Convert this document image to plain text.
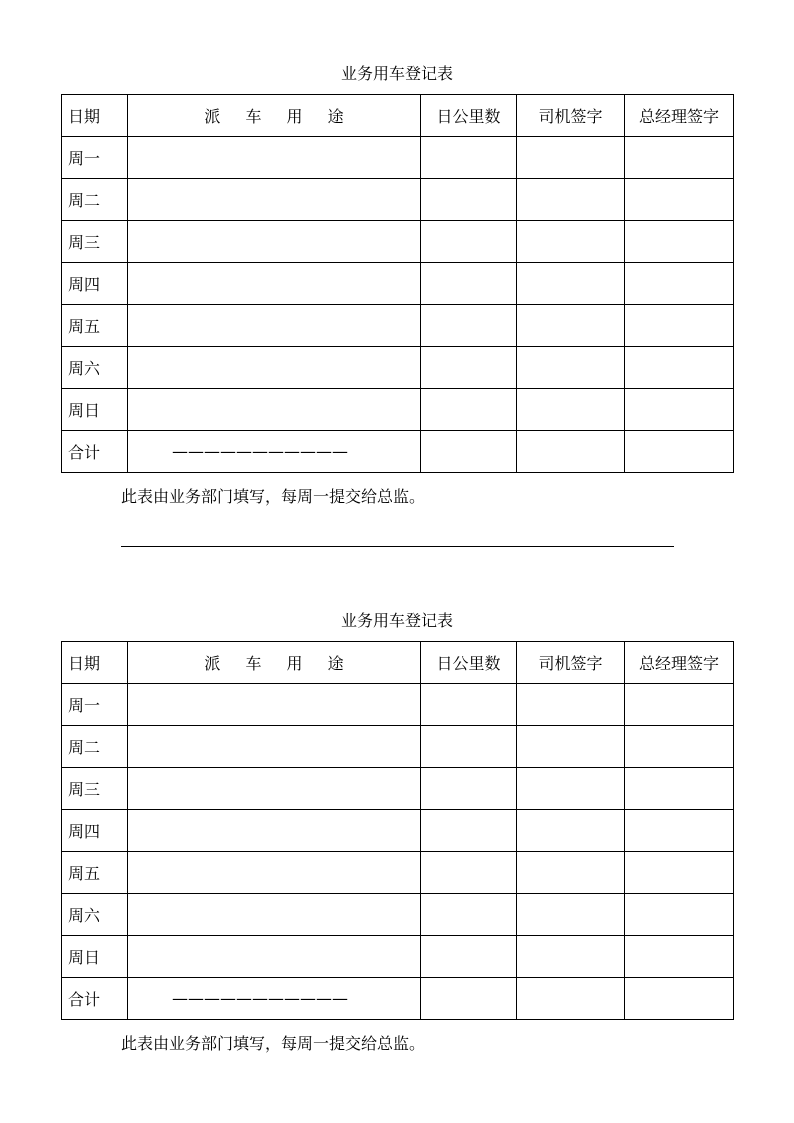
业务用车登记表
日期	派 车 用 途	日公里数	司机签字	总经理签字
周一				
周二				
周三				
周四				
周五				
周六				
周日				
合计	———————————			
此表由业务部门填写，每周一提交给总监。
业务用车登记表
日期	派 车 用 途	日公里数	司机签字	总经理签字
周一				
周二				
周三				
周四				
周五				
周六				
周日				
合计	———————————			
此表由业务部门填写，每周一提交给总监。
